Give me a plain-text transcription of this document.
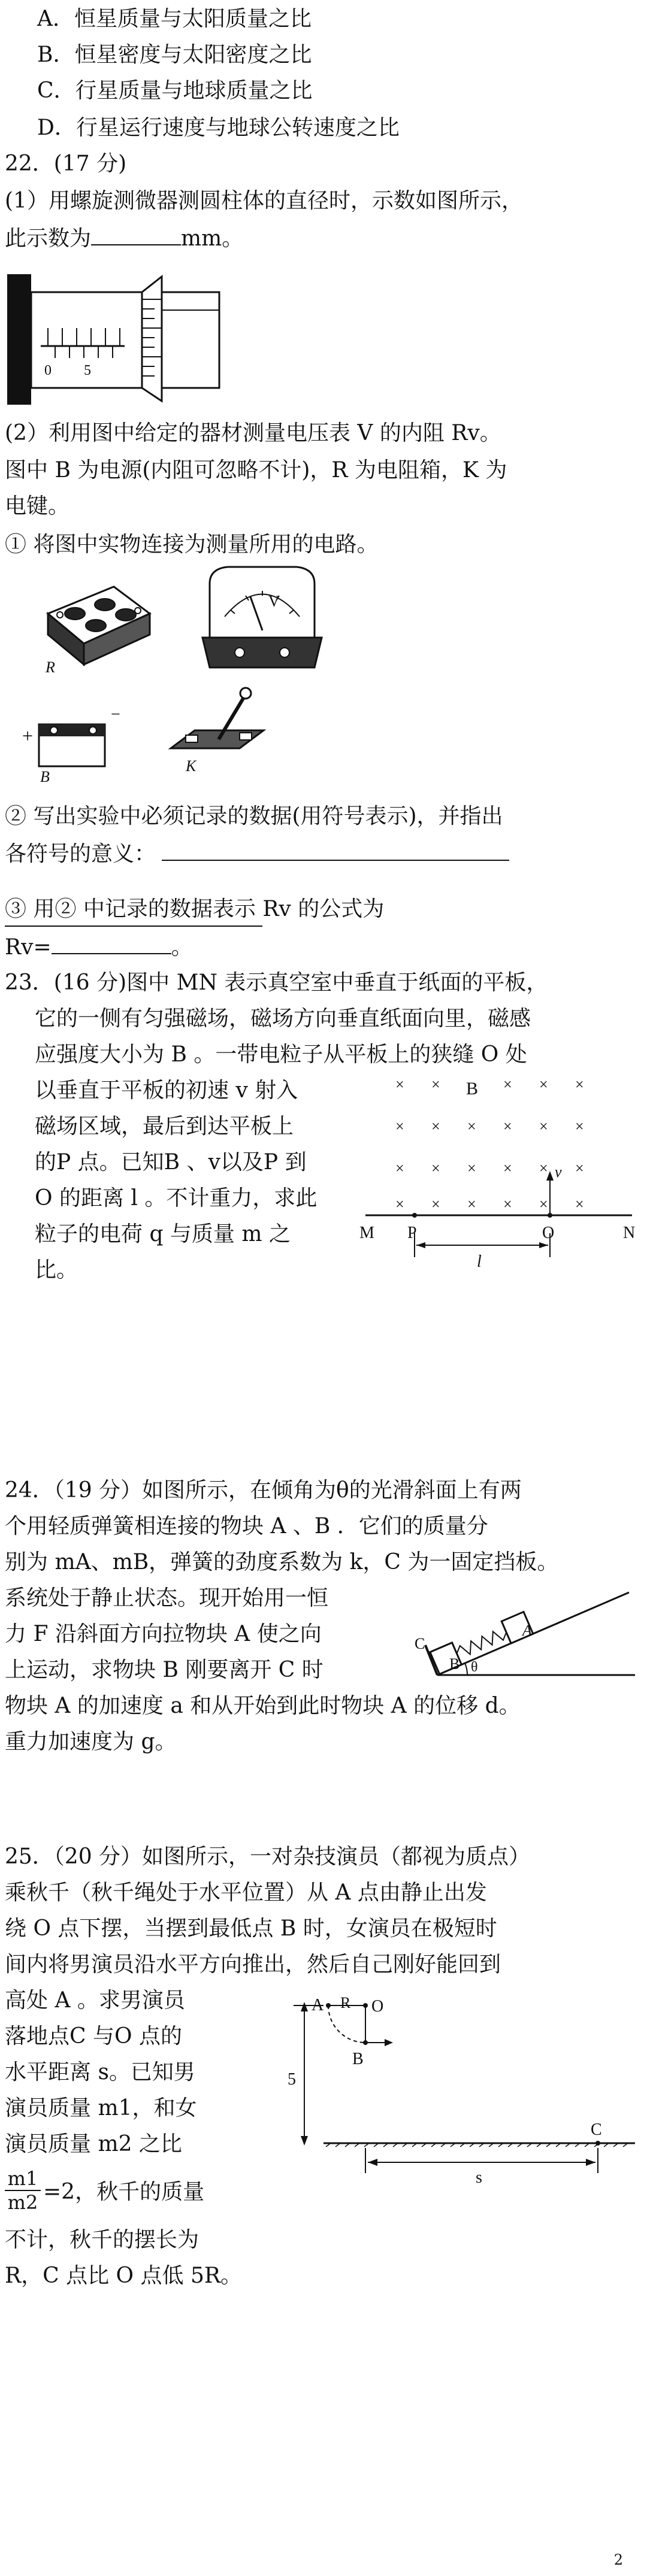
A．恒星质量与太阳质量之比
B．恒星密度与太阳密度之比
C．行星质量与地球质量之比
D．行星运行速度与地球公转速度之比
22．(17 分)
(1）用螺旋测微器测圆柱体的直径时，示数如图所示，
此示数为	mm。
0 5
(2）利用图中给定的器材测量电压表 V 的内阻 Rv。
图中 B 为电源(内阻可忽略不计)，R 为电阻箱，K 为
电键。
① 将图中实物连接为测量所用的电路。
R
V
+
−
B
K
② 写出实验中必须记录的数据(用符号表示)，并指出
各符号的意义：
③ 用② 中记录的数据表示 Rv 的公式为
Rv=	。
23．(16 分)图中 MN 表示真空室中垂直于纸面的平板，
它的一侧有匀强磁场，磁场方向垂直纸面向里，磁感
应强度大小为 B 。一带电粒子从平板上的狭缝 O 处
以垂直于平板的初速 v 射入
磁场区域，最后到达平板上
的P 点。已知B 、v以及P 到
O 的距离 l 。不计重力，求此
粒子的电荷 q 与质量 m 之
比。
× ×	× × ×
× × × × × ×
× × × × × ×
× × × × × ×
B
v
M P	O	N
l
24．（19 分）如图所示，在倾角为θ的光滑斜面上有两
个用轻质弹簧相连接的物块 A 、B ．它们的质量分
别为 mA、mB，弹簧的劲度系数为 k，C 为一固定挡板。
系统处于静止状态。现开始用一恒
力 F 沿斜面方向拉物块 A 使之向
上运动，求物块 B 刚要离开 C 时
物块 A 的加速度 a 和从开始到此时物块 A 的位移 d。
重力加速度为 g。
θ
B
A
C
25．（20 分）如图所示，一对杂技演员（都视为质点）
乘秋千（秋千绳处于水平位置）从 A 点由静止出发
绕 O 点下摆，当摆到最低点 B 时，女演员在极短时
间内将男演员沿水平方向推出，然后自己刚好能回到
高处 A 。求男演员
落地点C 与O 点的
水平距离 s。已知男
演员质量 m1，和女
演员质量 m2 之比
$\frac{m1}{m2} =2$，秋千的质量
不计，秋千的摆长为
R，C 点比 O 点低 5R。
A R O
B
5
C
s
2
